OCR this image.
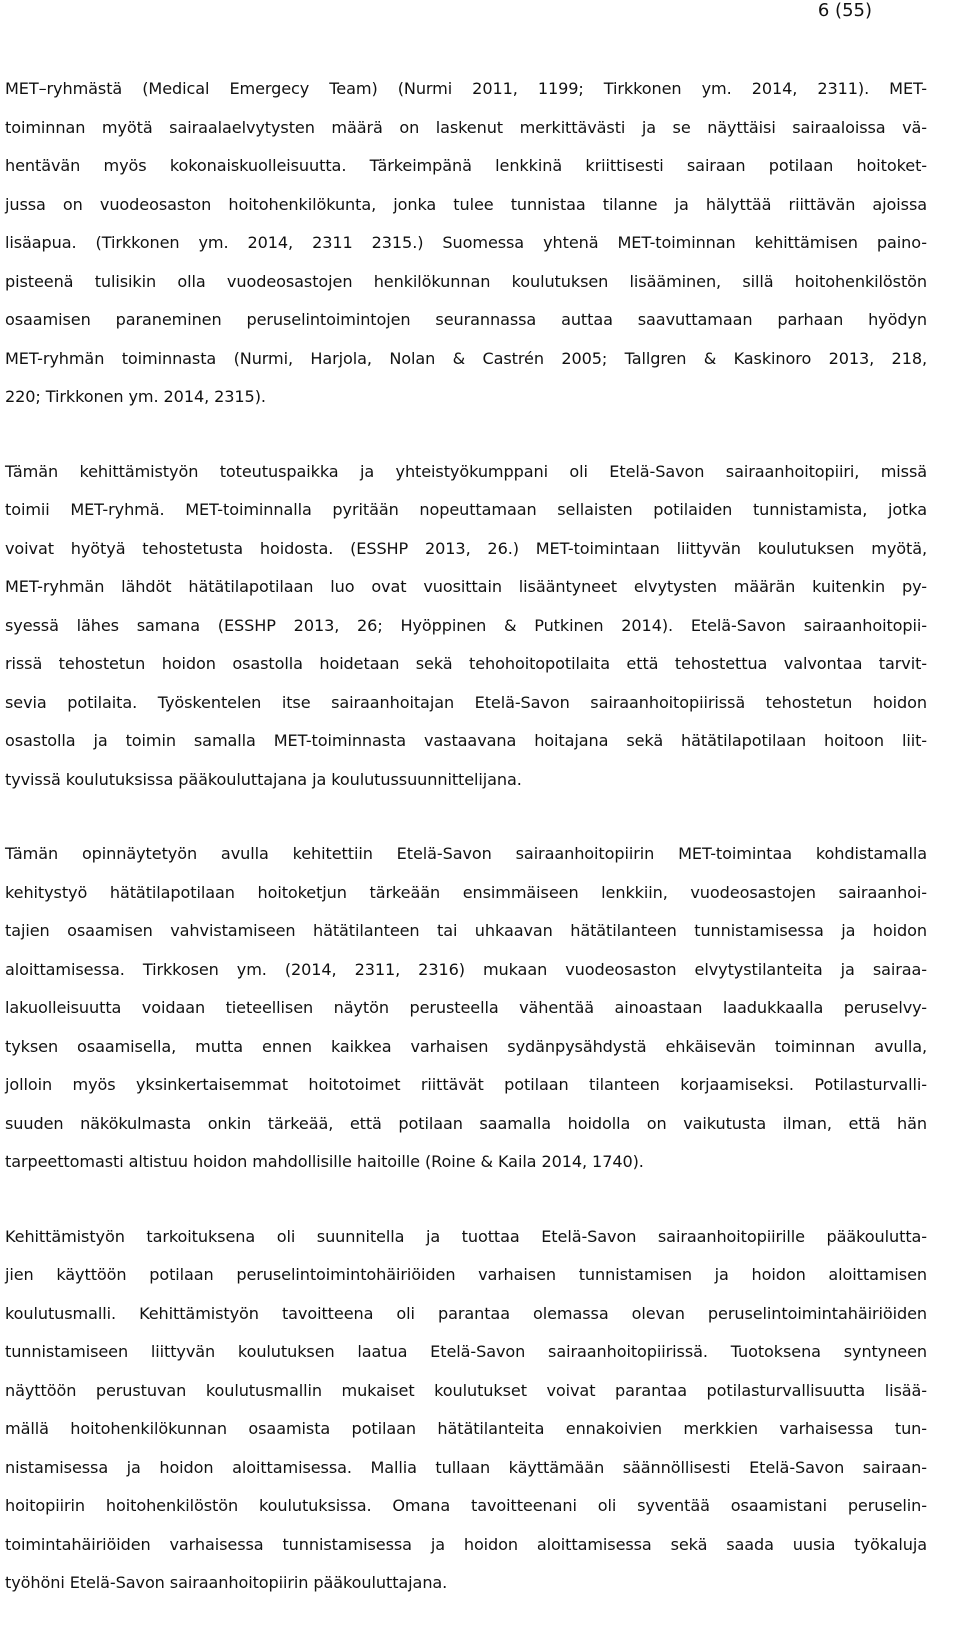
6 (55)

MET–ryhmästä (Medical Emergecy Team) (Nurmi 2011, 1199; Tirkkonen ym. 2014, 2311). MET-
toiminnan myötä sairaalaelvytysten määrä on laskenut merkittävästi ja se näyttäisi sairaaloissa vä-
hentävän myös kokonaiskuolleisuutta. Tärkeimpänä lenkkinä kriittisesti sairaan potilaan hoitoket-
jussa on vuodeosaston hoitohenkilökunta, jonka tulee tunnistaa tilanne ja hälyttää riittävän ajoissa
lisäapua. (Tirkkonen ym. 2014, 2311 2315.) Suomessa yhtenä MET-toiminnan kehittämisen paino-
pisteenä tulisikin olla vuodeosastojen henkilökunnan koulutuksen lisääminen, sillä hoitohenkilöstön
osaamisen paraneminen peruselintoimintojen seurannassa auttaa saavuttamaan parhaan hyödyn
MET-ryhmän toiminnasta (Nurmi, Harjola, Nolan & Castrén 2005; Tallgren & Kaskinoro 2013, 218,
220; Tirkkonen ym. 2014, 2315).

Tämän kehittämistyön toteutuspaikka ja yhteistyökumppani oli Etelä-Savon sairaanhoitopiiri, missä
toimii MET-ryhmä. MET-toiminnalla pyritään nopeuttamaan sellaisten potilaiden tunnistamista, jotka
voivat hyötyä tehostetusta hoidosta. (ESSHP 2013, 26.) MET-toimintaan liittyvän koulutuksen myötä,
MET-ryhmän lähdöt hätätilapotilaan luo ovat vuosittain lisääntyneet elvytysten määrän kuitenkin py-
syessä lähes samana (ESSHP 2013, 26; Hyöppinen & Putkinen 2014). Etelä-Savon sairaanhoitopii-
rissä tehostetun hoidon osastolla hoidetaan sekä tehohoitopotilaita että tehostettua valvontaa tarvit-
sevia potilaita. Työskentelen itse sairaanhoitajan Etelä-Savon sairaanhoitopiirissä tehostetun hoidon
osastolla ja toimin samalla MET-toiminnasta vastaavana hoitajana sekä hätätilapotilaan hoitoon liit-
tyvissä koulutuksissa pääkouluttajana ja koulutussuunnittelijana.

Tämän opinnäytetyön avulla kehitettiin Etelä-Savon sairaanhoitopiirin MET-toimintaa kohdistamalla
kehitystyö hätätilapotilaan hoitoketjun tärkeään ensimmäiseen lenkkiin, vuodeosastojen sairaanhoi-
tajien osaamisen vahvistamiseen hätätilanteen tai uhkaavan hätätilanteen tunnistamisessa ja hoidon
aloittamisessa. Tirkkosen ym. (2014, 2311, 2316) mukaan vuodeosaston elvytystilanteita ja sairaa-
lakuolleisuutta voidaan tieteellisen näytön perusteella vähentää ainoastaan laadukkaalla peruselvy-
tyksen osaamisella, mutta ennen kaikkea varhaisen sydänpysähdystä ehkäisevän toiminnan avulla,
jolloin myös yksinkertaisemmat hoitotoimet riittävät potilaan tilanteen korjaamiseksi. Potilasturvalli-
suuden näkökulmasta onkin tärkeää, että potilaan saamalla hoidolla on vaikutusta ilman, että hän
tarpeettomasti altistuu hoidon mahdollisille haitoille (Roine & Kaila 2014, 1740).

Kehittämistyön tarkoituksena oli suunnitella ja tuottaa Etelä-Savon sairaanhoitopiirille pääkoulutta-
jien käyttöön potilaan peruselintoimintohäiriöiden varhaisen tunnistamisen ja hoidon aloittamisen
koulutusmalli. Kehittämistyön tavoitteena oli parantaa olemassa olevan peruselintoimintahäiriöiden
tunnistamiseen liittyvän koulutuksen laatua Etelä-Savon sairaanhoitopiirissä. Tuotoksena syntyneen
näyttöön perustuvan koulutusmallin mukaiset koulutukset voivat parantaa potilasturvallisuutta lisää-
mällä hoitohenkilökunnan osaamista potilaan hätätilanteita ennakoivien merkkien varhaisessa tun-
nistamisessa ja hoidon aloittamisessa. Mallia tullaan käyttämään säännöllisesti Etelä-Savon sairaan-
hoitopiirin hoitohenkilöstön koulutuksissa. Omana tavoitteenani oli syventää osaamistani peruselin-
toimintahäiriöiden varhaisessa tunnistamisessa ja hoidon aloittamisessa sekä saada uusia työkaluja
työhöni Etelä-Savon sairaanhoitopiirin pääkouluttajana.
